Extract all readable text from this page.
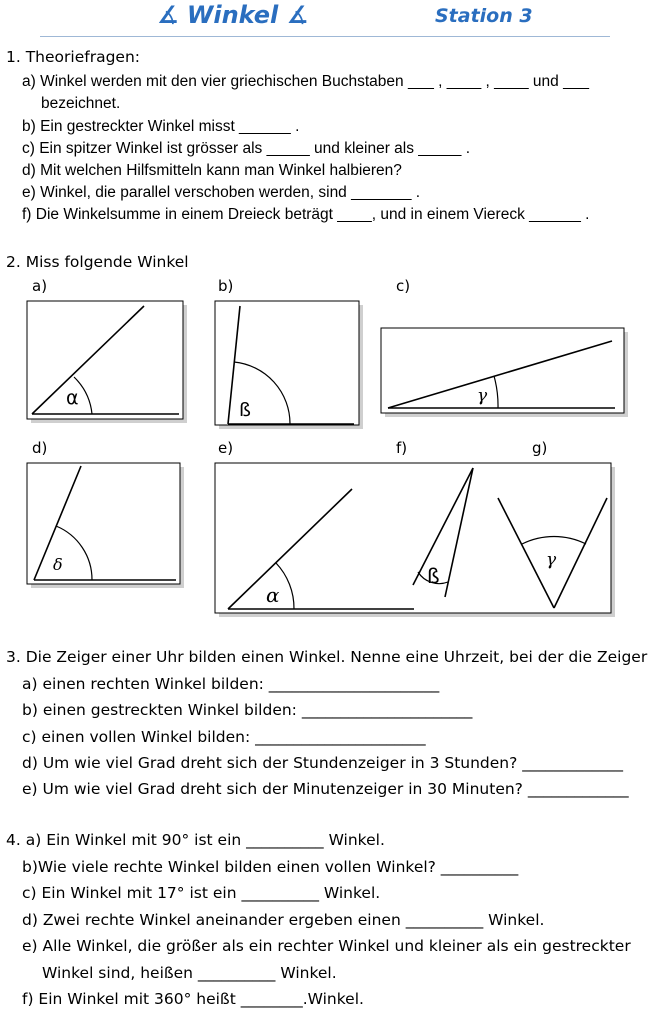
∡ Winkel ∡	Station 3
1. Theoriefragen:
a) Winkel werden mit den vier griechischen Buchstaben ___ , ____ , ____ und ___
bezeichnet.
b) Ein gestreckter Winkel misst ______ .
c) Ein spitzer Winkel ist grösser als _____ und kleiner als _____ .
d) Mit welchen Hilfsmitteln kann man Winkel halbieren?
e) Winkel, die parallel verschoben werden, sind _______ .
f) Die Winkelsumme in einem Dreieck beträgt ____, und in einem Viereck ______ .
2. Miss folgende Winkel
a)	b)	c)
d)	e)	f)	g)
α
ß
γ
δ
α
ß
γ
3. Die Zeiger einer Uhr bilden einen Winkel. Nenne eine Uhrzeit, bei der die Zeiger
a) einen rechten Winkel bilden: ______________________
b) einen gestreckten Winkel bilden: ______________________
c) einen vollen Winkel bilden: ______________________
d) Um wie viel Grad dreht sich der Stundenzeiger in 3 Stunden? _____________
e) Um wie viel Grad dreht sich der Minutenzeiger in 30 Minuten? _____________
4. a) Ein Winkel mit 90° ist ein __________ Winkel.
b)Wie viele rechte Winkel bilden einen vollen Winkel? __________
c) Ein Winkel mit 17° ist ein __________ Winkel.
d) Zwei rechte Winkel aneinander ergeben einen __________ Winkel.
e) Alle Winkel, die größer als ein rechter Winkel und kleiner als ein gestreckter
Winkel sind, heißen __________ Winkel.
f) Ein Winkel mit 360° heißt ________.Winkel.
